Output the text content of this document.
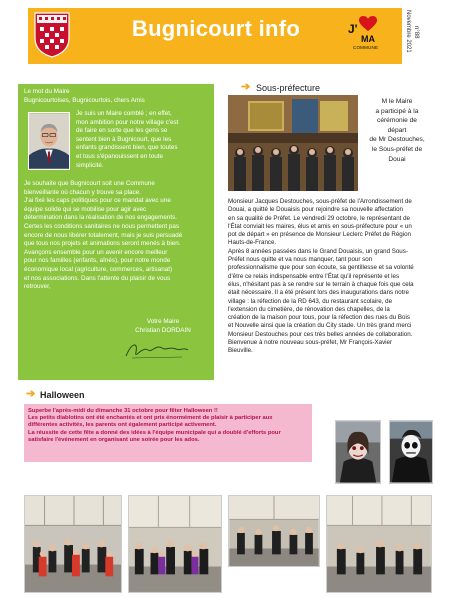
Bugnicourt info	J'
MA
COMMUNE	Novembre 2021 n°88
Le mot du Maire
Bugnicourtoises, Bugnicourtois, chers Amis
Je suis un Maire comblé ; en effet,
mon ambition pour notre village c'est
de faire en sorte que les gens se
sentent bien à Bugnicourt, que les
enfants grandissent bien, que toutes
et tous s'épanouissent en toute
simplicité.
Je souhaite que Bugnicourt soit une Commune
bienveillante où chacun y trouve sa place.
J'ai fixé les caps politiques pour ce mandat avec une
équipe solide qui se mobilise pour agir avec
détermination dans la réalisation de nos engagements.
Certes les conditions sanitaires ne nous permettent pas
encore de nous libérer totalement, mais je suis persuadé
que tous nos projets et animations seront menés à bien.
Avançons ensemble pour un avenir encore meilleur
pour nos familles (enfants, aînés), pour notre monde
économique local (agriculture, commerces, artisanat)
et nos associations. Dans l'attente du plaisir de vous
retrouver,
Votre Maire
Christian DORDAIN
➔ Sous-préfecture
M le Maire
a participé à la
cérémonie de
départ
de Mr Destouches,
le Sous-préfet de
Douai
Monsieur Jacques Destouches, sous-préfet de l'Arrondissement de
Douai, a quitté le Douaisis pour rejoindre sa nouvelle affectation
en sa qualité de Préfet. Le vendredi 29 octobre, le représentant de
l'État conviait les maires, élus et amis en sous-préfecture pour « un
pot de départ » en présence de Monsieur Leclerc Préfet de Région
Hauts-de-France.
Après 8 années passées dans le Grand Douaisis, un grand Sous-
Préfet nous quitte et va nous manquer, tant pour son
professionnalisme que pour son écoute, sa gentillesse et sa volonté
d'être ce relais indispensable entre l'État qu'il représente et les
élus, n'hésitant pas à se rendre sur le terrain à chaque fois que cela
était nécessaire. Il a été présent lors des inaugurations dans notre
village : la réfection de la RD 643, du restaurant scolaire, de
l'extension du cimetière, de rénovation des chapelles, de la
création de la maison pour tous, pour la réfection des rues du Bois
et Nouvelle ainsi que la création du City stade. Un très grand merci
Monsieur Destouches pour ces très belles années de collaboration.
Bienvenue à notre nouveau sous-préfet, Mr François-Xavier
Bieuville.
➔ Halloween
Superbe l'après-midi du dimanche 31 octobre pour fêter Halloween !!
Les petits diablotins ont été enchantés et ont pris énormément de plaisir à participer aux
différentes activités, les parents ont également participé activement.
La réussite de cette fête a donné des idées à l'équipe municipale qui a doublé d'efforts pour
satisfaire l'événement en organisant une soirée pour les ados.
